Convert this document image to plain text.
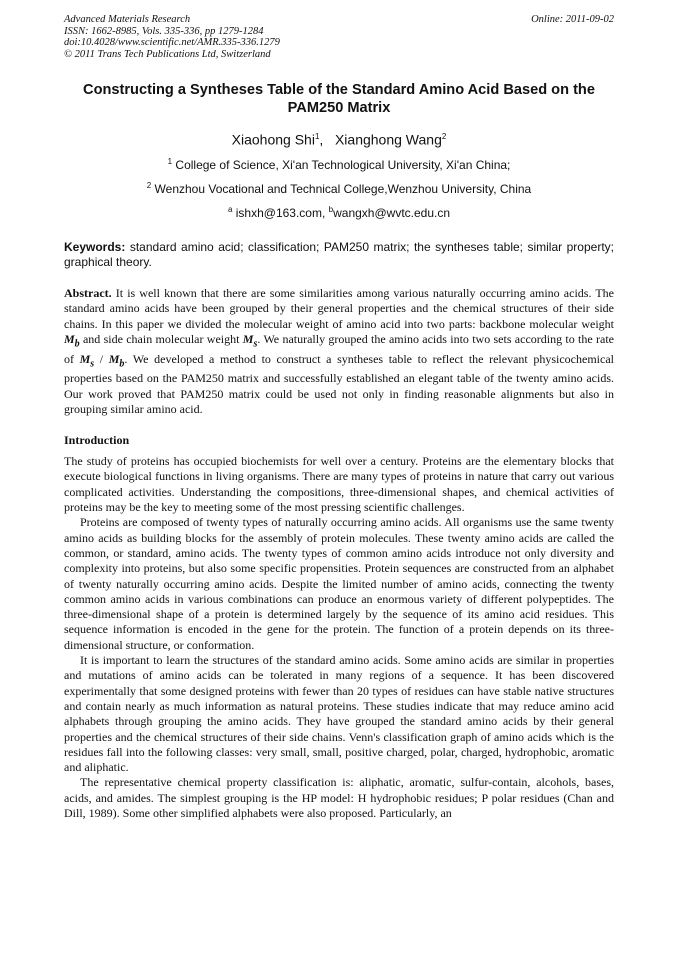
Advanced Materials Research
ISSN: 1662-8985, Vols. 335-336, pp 1279-1284
doi:10.4028/www.scientific.net/AMR.335-336.1279
© 2011 Trans Tech Publications Ltd, Switzerland
Online: 2011-09-02
Constructing a Syntheses Table of the Standard Amino Acid Based on the PAM250 Matrix
Xiaohong Shi$^1$,   Xianghong Wang$^2$
$^1$ College of Science, Xi'an Technological University, Xi'an China;
$^2$ Wenzhou Vocational and Technical College,Wenzhou University, China
$^a$ ishxh@163.com, $^b$wangxh@wvtc.edu.cn
Keywords: standard amino acid; classification; PAM250 matrix; the syntheses table; similar property; graphical theory.
Abstract. It is well known that there are some similarities among various naturally occurring amino acids. The standard amino acids have been grouped by their general properties and the chemical structures of their side chains. In this paper we divided the molecular weight of amino acid into two parts: backbone molecular weight $M_b$ and side chain molecular weight $M_s$. We naturally grouped the amino acids into two sets according to the rate of $M_s / M_b$. We developed a method to construct a syntheses table to reflect the relevant physicochemical properties based on the PAM250 matrix and successfully established an elegant table of the twenty amino acids. Our work proved that PAM250 matrix could be used not only in finding reasonable alignments but also in grouping similar amino acid.
Introduction

The study of proteins has occupied biochemists for well over a century. Proteins are the elementary blocks that execute biological functions in living organisms. There are many types of proteins in nature that carry out various complicated activities. Understanding the compositions, three-dimensional shapes, and chemical activities of proteins may be the key to meeting some of the most pressing scientific challenges.

Proteins are composed of twenty types of naturally occurring amino acids. All organisms use the same twenty amino acids as building blocks for the assembly of protein molecules. These twenty amino acids are called the common, or standard, amino acids. The twenty types of common amino acids introduce not only diversity and complexity into proteins, but also some specific propensities. Protein sequences are constructed from an alphabet of twenty naturally occurring amino acids. Despite the limited number of amino acids, connecting the twenty common amino acids in various combinations can produce an enormous variety of different polypeptides. The three-dimensional shape of a protein is determined largely by the sequence of its amino acid residues. This sequence information is encoded in the gene for the protein. The function of a protein depends on its three-dimensional structure, or conformation.

It is important to learn the structures of the standard amino acids. Some amino acids are similar in properties and mutations of amino acids can be tolerated in many regions of a sequence. It has been discovered experimentally that some designed proteins with fewer than 20 types of residues can have stable native structures and contain nearly as much information as natural proteins. These studies indicate that may reduce amino acid alphabets through grouping the amino acids. They have grouped the standard amino acids by their general properties and the chemical structures of their side chains. Venn's classification graph of amino acids which is the residues fall into the following classes: very small, small, positive charged, polar, charged, hydrophobic, aromatic and aliphatic.

The representative chemical property classification is: aliphatic, aromatic, sulfur-contain, alcohols, bases, acids, and amides. The simplest grouping is the HP model: H hydrophobic residues; P polar residues (Chan and Dill, 1989). Some other simplified alphabets were also proposed. Particularly, an
